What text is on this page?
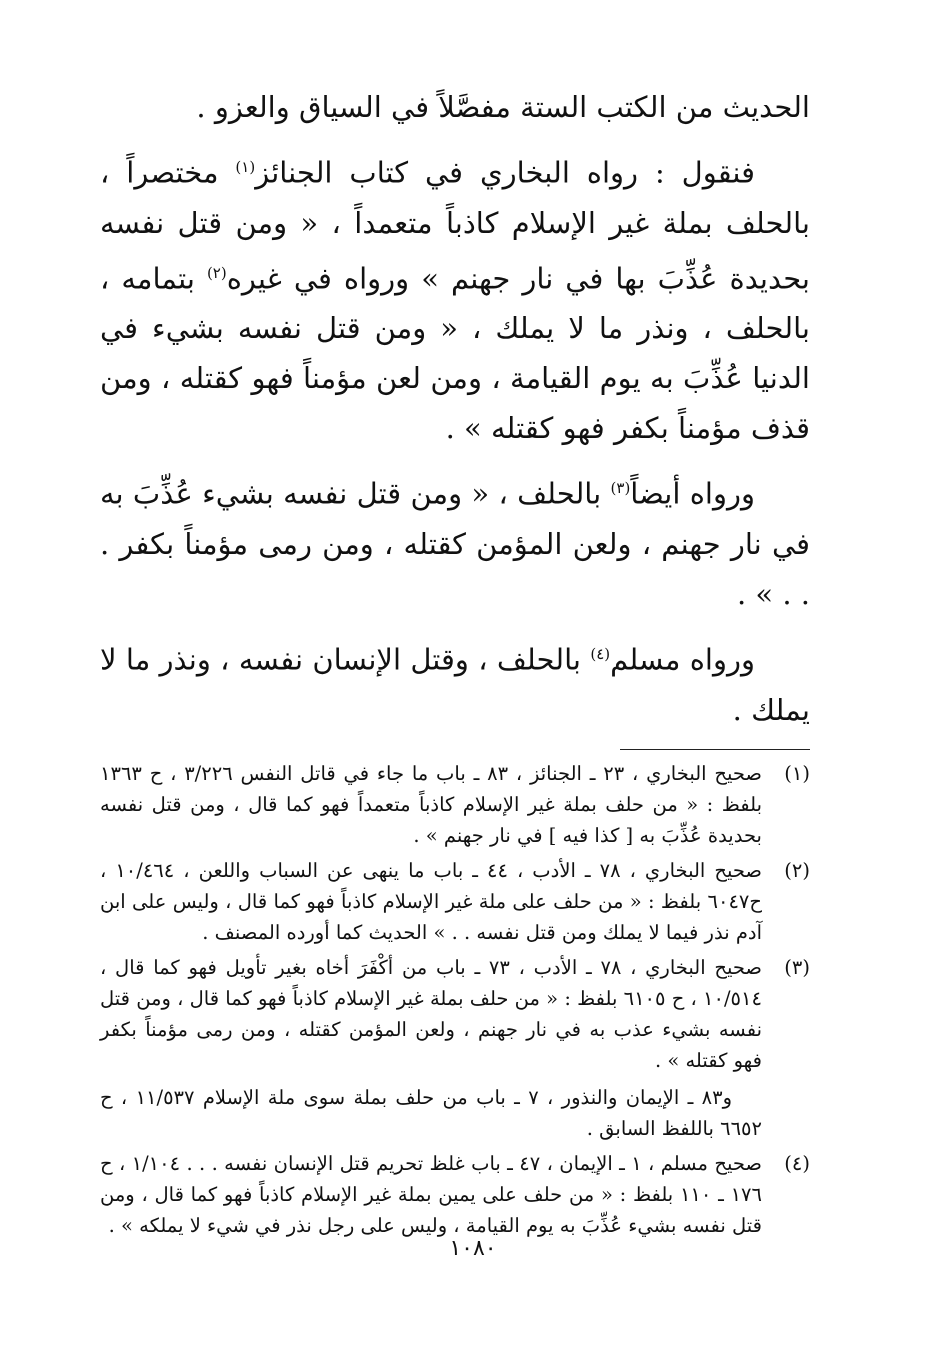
الحديث من الكتب الستة مفصَّلاً في السياق والعزو .

فنقول : رواه البخاري في كتاب الجنائز$^{(١)}$ مختصراً ، بالحلف بملة غير الإسلام كاذباً متعمداً ، « ومن قتل نفسه بحديدة عُذِّبَ بها في نار جهنم » ورواه في غيره$^{(٢)}$ بتمامه ، بالحلف ، ونذر ما لا يملك ، « ومن قتل نفسه بشيء في الدنيا عُذِّبَ به يوم القيامة ، ومن لعن مؤمناً فهو كقتله ، ومن قذف مؤمناً بكفر فهو كقتله » .

ورواه أيضاً$^{(٣)}$ بالحلف ، « ومن قتل نفسه بشيء عُذِّبَ به في نار جهنم ، ولعن المؤمن كقتله ، ومن رمى مؤمناً بكفر . . . » .

ورواه مسلم$^{(٤)}$ بالحلف ، وقتل الإنسان نفسه ، ونذر ما لا يملك .

(١)

صحيح البخاري ، ٢٣ ـ الجنائز ، ٨٣ ـ باب ما جاء في قاتل النفس ٣/٢٢٦ ، ح ١٣٦٣ بلفظ : « من حلف بملة غير الإسلام كاذباً متعمداً فهو كما قال ، ومن قتل نفسه بحديدة عُذِّبَ به [ كذا فيه ] في نار جهنم » .

(٢)

صحيح البخاري ، ٧٨ ـ الأدب ، ٤٤ ـ باب ما ينهى عن السباب واللعن ، ١٠/٤٦٤ ، ح٦٠٤٧ بلفظ : « من حلف على ملة غير الإسلام كاذباً فهو كما قال ، وليس على ابن آدم نذر فيما لا يملك ومن قتل نفسه . . » الحديث كما أورده المصنف .

(٣)

صحيح البخاري ، ٧٨ ـ الأدب ، ٧٣ ـ باب من أكْفَرَ أخاه بغير تأويل فهو كما قال ، ١٠/٥١٤ ، ح ٦١٠٥ بلفظ : « من حلف بملة غير الإسلام كاذباً فهو كما قال ، ومن قتل نفسه بشيء عذب به في نار جهنم ، ولعن المؤمن كقتله ، ومن رمى مؤمناً بكفر فهو كقتله » .

و٨٣ ـ الإيمان والنذور ، ٧ ـ باب من حلف بملة سوى ملة الإسلام ١١/٥٣٧ ، ح ٦٦٥٢ باللفظ السابق .

(٤)

صحيح مسلم ، ١ ـ الإيمان ، ٤٧ ـ باب غلظ تحريم قتل الإنسان نفسه . . . ١/١٠٤ ، ح ١٧٦ ـ ١١٠ بلفظ : « من حلف على يمين بملة غير الإسلام كاذباً فهو كما قال ، ومن قتل نفسه بشيء عُذِّبَ به يوم القيامة ، وليس على رجل نذر في شيء لا يملكه » .

١٠٨٠
